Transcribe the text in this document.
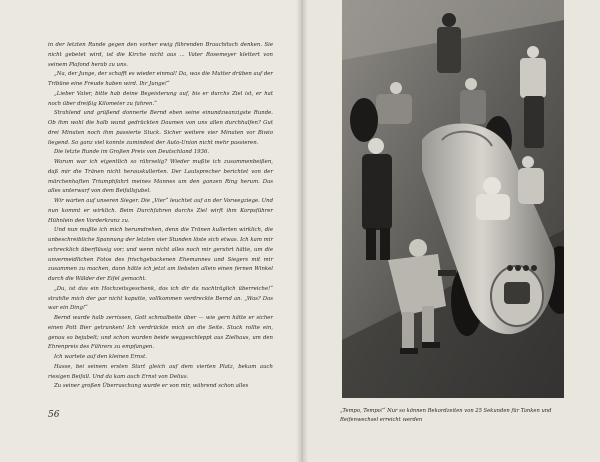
in der letzten Runde gegen den vorher ewig führenden Brauchitsch denken. Sie nicht gebetet wird, ist die Kirche nicht aus ... Vater Rosemeyer klettert von seinem Plafond herab zu uns.

„Na, der Junge, der schafft es wieder einmal! Da, was die Mutter drüben auf der Tribüne eine Freude haben wird. Ihr Junge!“

„Lieber Vater, bitte hab deine Begeisterung auf, bis er durchs Ziel ist, er hat noch über dreißig Kilometer zu fahren.“

Strahlend und grüßend donnerte Bernd eben seine einundzwanzigste Runde. Ob ihm wohl die halb wund gedrückten Daumen von uns allen durchhalfen? Gut drei Minuten noch ihm passierte Stuck. Sicher weitere vier Minuten vor Biwio liegend. So ganz viel konnte zumindest der Auto-Union nicht mehr passieren.

Die letzte Runde im Großen Preis von Deutschland 1936.

Warum war ich eigentlich so rührselig? Wieder mußte ich zusammenbeißen, daß mir die Tränen nicht herauskullerten. Der Lautsprecher berichtet von der märchenhaften Triumphfahrt meines Mannes um den ganzen Ring herum. Das alles unterwarf von dem Beifallsjubel.

Wir warten auf unseren Sieger. Die „Vier“ leuchtet auf an der Vorwegziege. Und nun kommt er wirklich. Beim Durchfahren durchs Ziel wirft ihm Korpsführer Hühnlein den Vorderkranz zu.

Und nun mußte ich mich herumdrehen, denn die Tränen kullerten wirklich, die unbeschreibliche Spannung der letzten vier Stunden löste sich etwas. Ich kam mir schrecklich überflüssig vor; und wenn nicht alles noch mir geruhrt hätte, um die unvermeidlichen Fotos des frischgebackenen Ehemannes und Siegers mit mir zusammen zu machen, dann hätte ich jetzt am liebsten allein einen fernen Winkel durch die Wälder der Eifel gemacht.

„Du, ist das ein Hochzeitsgeschenk, das ich dir da nachträglich überreiche!“ strahlte mich der gar nicht kaputte, vollkommen verdreckte Bernd an. „Was? Das war ein Ding!“

Bernd wurde halb zerrissen, Gott schmalbeite über — wie gern hätte er sicher einen Pott Bier getrunken! Ich verdrückte mich an die Seite. Stuck rollte ein, genau so bejubelt; und schon wurden beide weggeschleppt aus Zielhaus, um den Ehrenpreis des Führers zu empfangen.

Ich wartete auf den kleinen Ernst.

Hasse, bei seinem ersten Start gleich auf dem vierten Platz, bekam auch riesigen Beifall. Und da kam auch Ernst von Delius.

Zu seiner großen Überraschung wurde er von mir, während schon alles

56	„Tempo, Tempo!“ Nur so können Rekordzeiten von 25 Sekunden für Tanken und Reifenwechsel erreicht werden
